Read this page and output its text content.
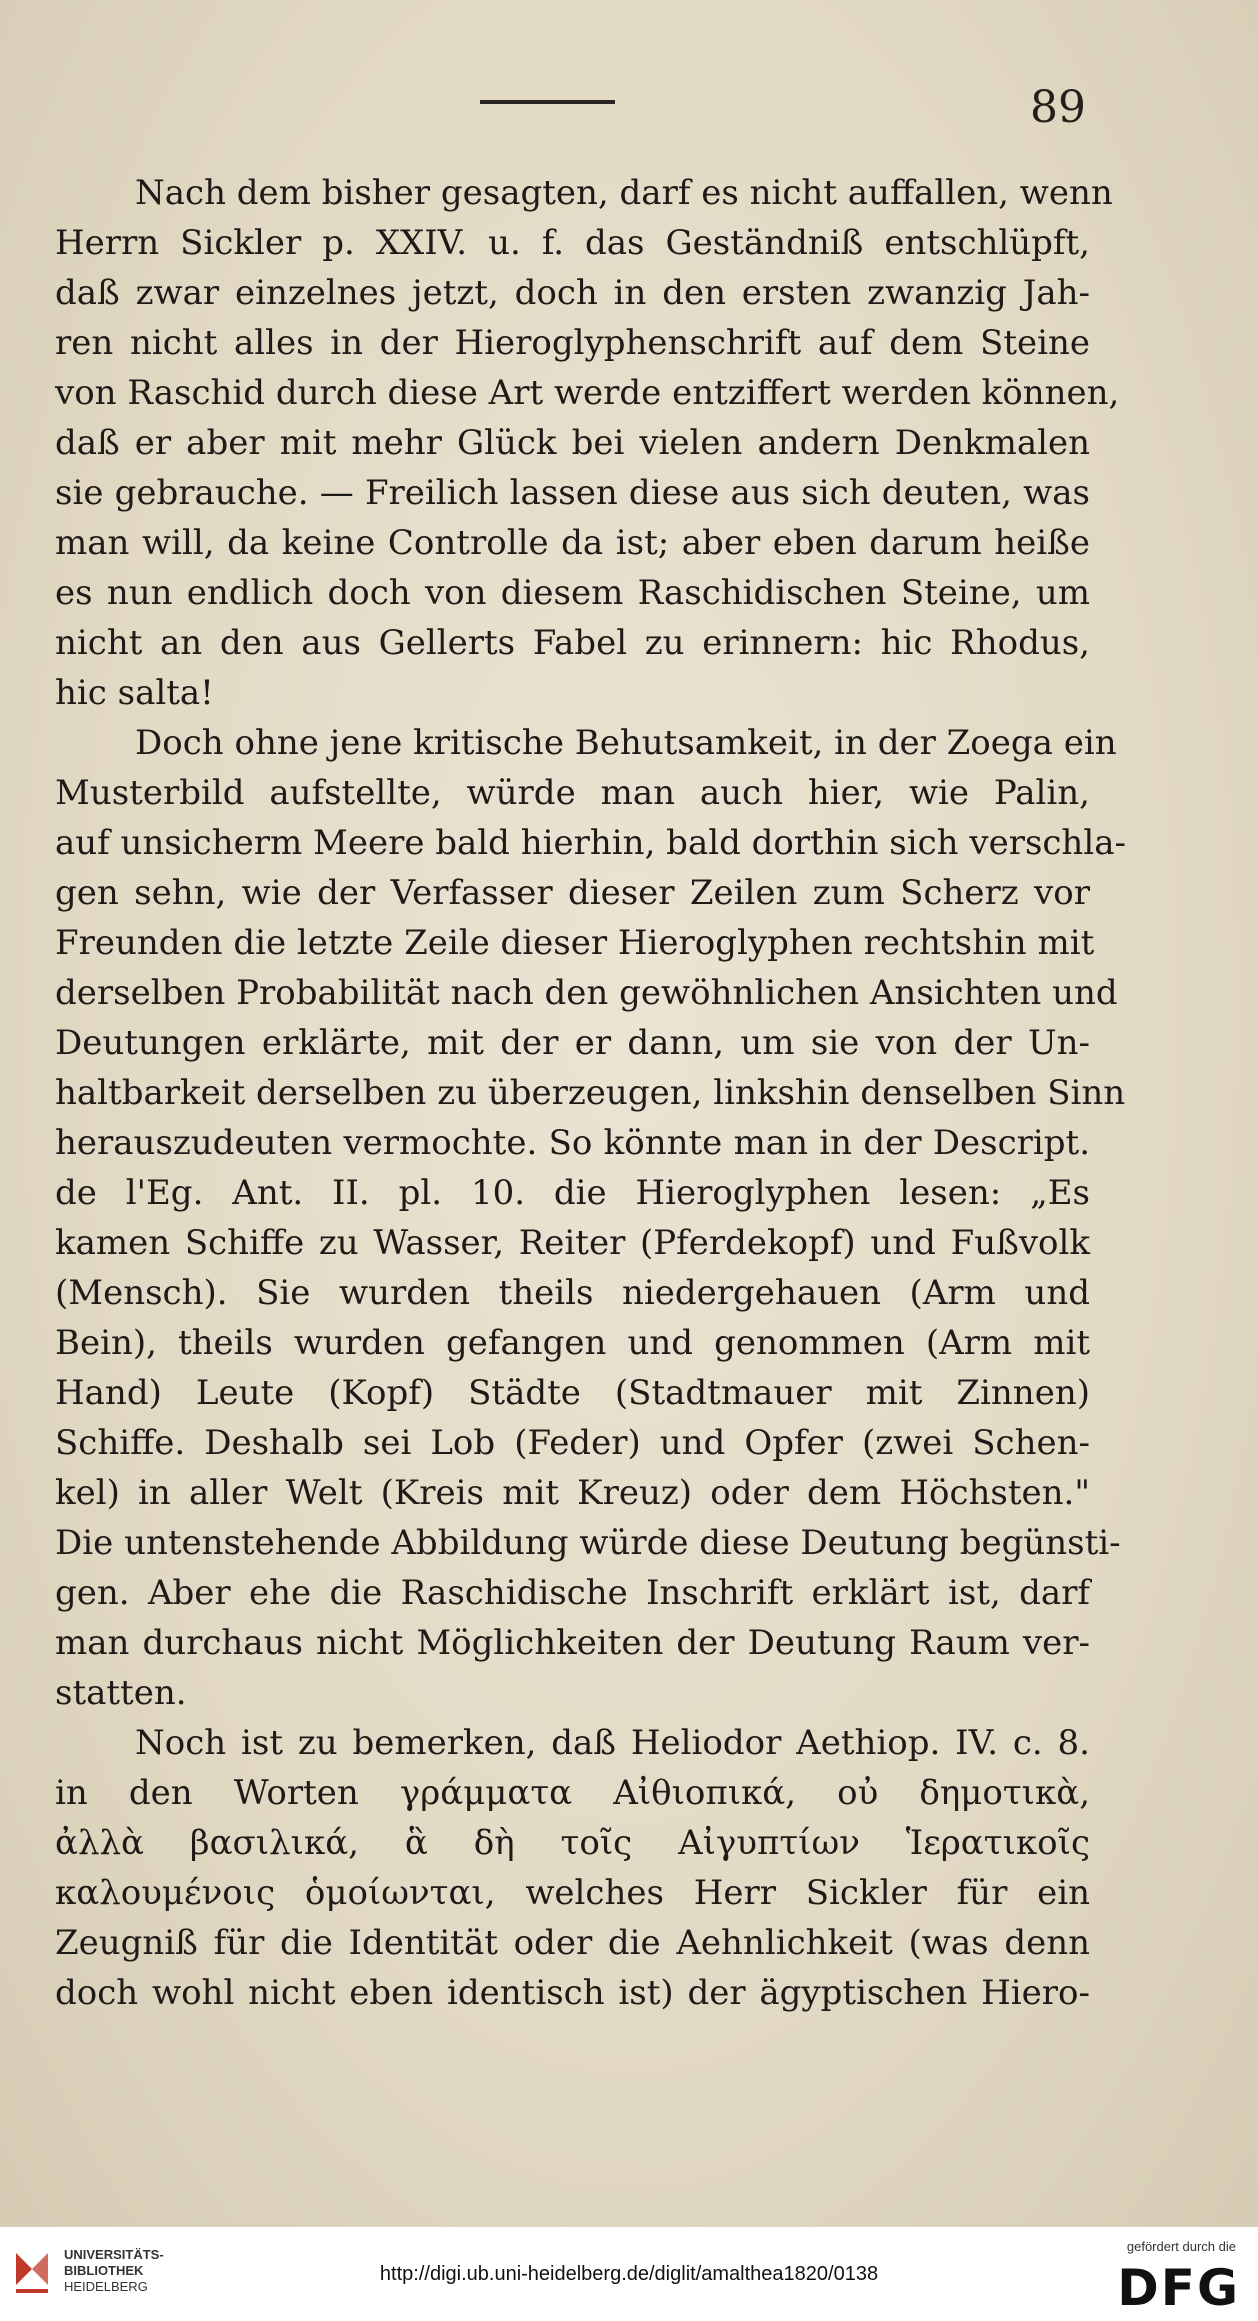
89
Nach dem bisher gesagten, darf es nicht auffallen, wenn
Herrn Sickler p. XXIV. u. f. das Geständniß entschlüpft,
daß zwar einzelnes jetzt, doch in den ersten zwanzig Jah-
ren nicht alles in der Hieroglyphenschrift auf dem Steine
von Raschid durch diese Art werde entziffert werden können,
daß er aber mit mehr Glück bei vielen andern Denkmalen
sie gebrauche. — Freilich lassen diese aus sich deuten, was
man will, da keine Controlle da ist; aber eben darum heiße
es nun endlich doch von diesem Raschidischen Steine, um
nicht an den aus Gellerts Fabel zu erinnern: hic Rhodus,
hic salta!
Doch ohne jene kritische Behutsamkeit, in der Zoega ein
Musterbild aufstellte, würde man auch hier, wie Palin,
auf unsicherm Meere bald hierhin, bald dorthin sich verschla-
gen sehn, wie der Verfasser dieser Zeilen zum Scherz vor
Freunden die letzte Zeile dieser Hieroglyphen rechtshin mit
derselben Probabilität nach den gewöhnlichen Ansichten und
Deutungen erklärte, mit der er dann, um sie von der Un-
haltbarkeit derselben zu überzeugen, linkshin denselben Sinn
herauszudeuten vermochte. So könnte man in der Descript.
de l'Eg. Ant. II. pl. 10. die Hieroglyphen lesen: „Es
kamen Schiffe zu Wasser, Reiter (Pferdekopf) und Fußvolk
(Mensch). Sie wurden theils niedergehauen (Arm und
Bein), theils wurden gefangen und genommen (Arm mit
Hand) Leute (Kopf) Städte (Stadtmauer mit Zinnen)
Schiffe. Deshalb sei Lob (Feder) und Opfer (zwei Schen-
kel) in aller Welt (Kreis mit Kreuz) oder dem Höchsten."
Die untenstehende Abbildung würde diese Deutung begünsti-
gen. Aber ehe die Raschidische Inschrift erklärt ist, darf
man durchaus nicht Möglichkeiten der Deutung Raum ver-
statten.
Noch ist zu bemerken, daß Heliodor Aethiop. IV. c. 8.
in den Worten γράμματα Αἰθιοπικά, οὐ δημοτικὰ,
ἀλλὰ βασιλικά, ἃ δὴ τοῖς Αἰγυπτίων Ἱερατικοῖς
καλουμένοις ὁμοίωνται, welches Herr Sickler für ein
Zeugniß für die Identität oder die Aehnlichkeit (was denn
doch wohl nicht eben identisch ist) der ägyptischen Hiero-
UNIVERSITÄTS-
BIBLIOTHEK
HEIDELBERG
http://digi.ub.uni-heidelberg.de/diglit/amalthea1820/0138
gefördert durch die
DFG
